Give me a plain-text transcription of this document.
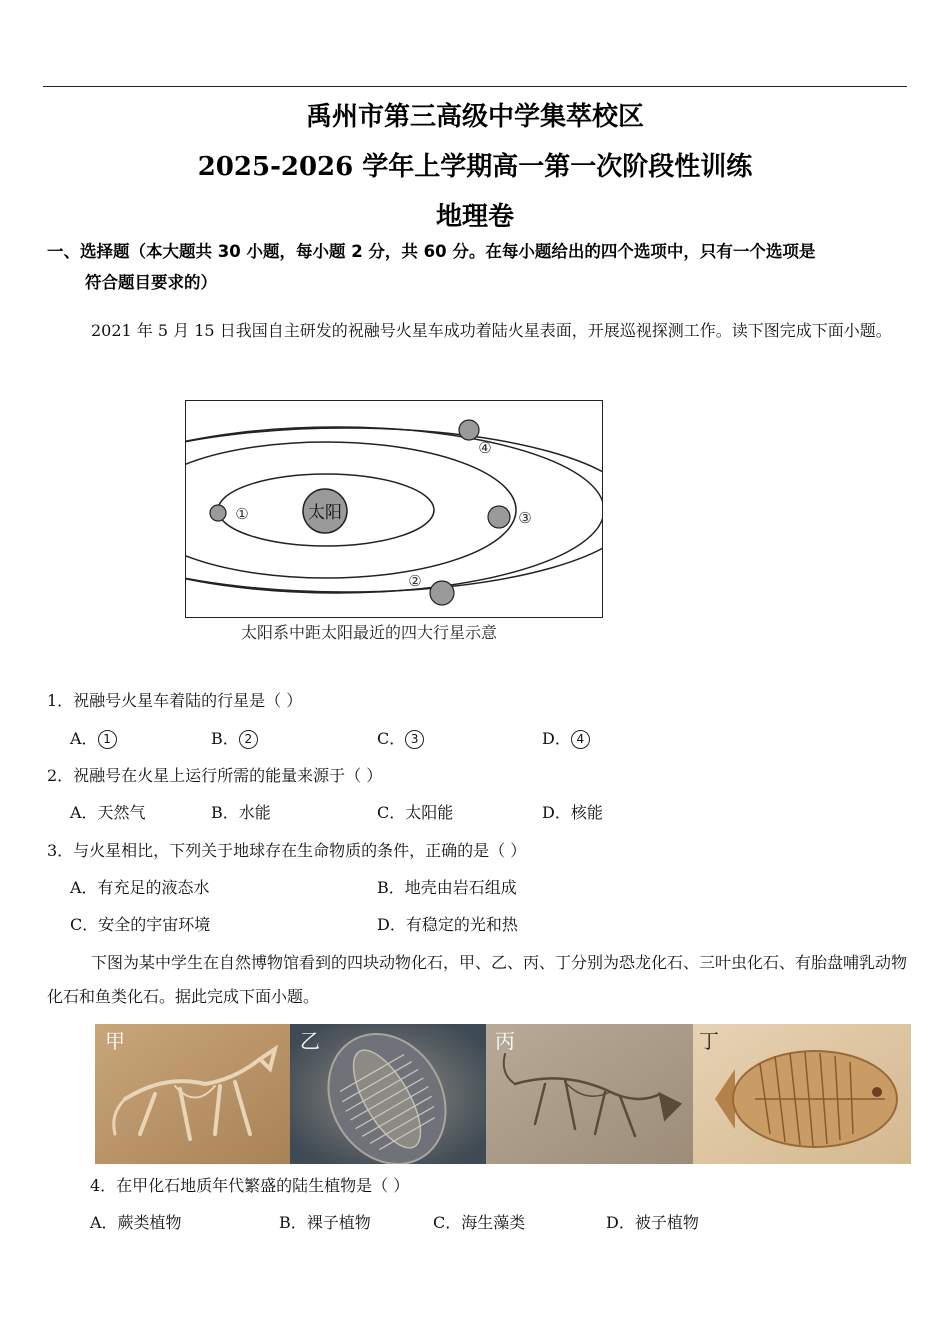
禹州市第三高级中学集萃校区
2025-2026 学年上学期高一第一次阶段性训练
地理卷
一、选择题（本大题共 30 小题，每小题 2 分，共 60 分。在每小题给出的四个选项中，只有一个选项是
符合题目要求的）
2021 年 5 月 15 日我国自主研发的祝融号火星车成功着陆火星表面，开展巡视探测工作。读下图完成下面小题。
太阳
①	③
②
④
太阳系中距太阳最近的四大行星示意
1．祝融号火星车着陆的行星是（ ）
A． 1	B． 2	C． 3	D． 4
2．祝融号在火星上运行所需的能量来源于（ ）
A．天然气	B．水能	C．太阳能	D．核能
3．与火星相比，下列关于地球存在生命物质的条件，正确的是（ ）
A．有充足的液态水	B．地壳由岩石组成
C．安全的宇宙环境	D．有稳定的光和热
下图为某中学生在自然博物馆看到的四块动物化石，甲、乙、丙、丁分别为恐龙化石、三叶虫化石、有胎盘哺乳动物化石和鱼类化石。据此完成下面小题。
甲	乙	丙	丁
4．在甲化石地质年代繁盛的陆生植物是（ ）
A．蕨类植物	B．裸子植物	C．海生藻类	D．被子植物
